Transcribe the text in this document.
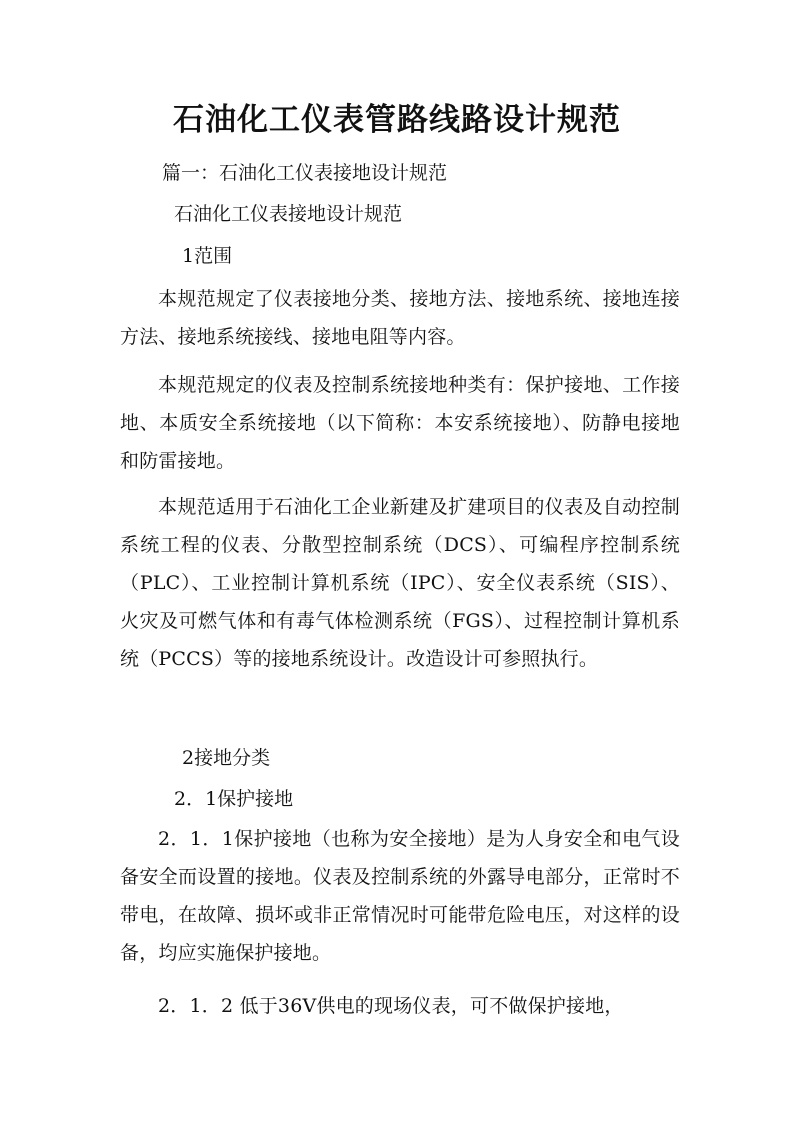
石油化工仪表管路线路设计规范

篇一：石油化工仪表接地设计规范

石油化工仪表接地设计规范

1范围

本规范规定了仪表接地分类、接地方法、接地系统、接地连接方法、接地系统接线、接地电阻等内容。

本规范规定的仪表及控制系统接地种类有：保护接地、工作接地、本质安全系统接地（以下简称：本安系统接地）、防静电接地和防雷接地。

本规范适用于石油化工企业新建及扩建项目的仪表及自动控制系统工程的仪表、分散型控制系统（DCS）、可编程序控制系统（PLC）、工业控制计算机系统（IPC）、安全仪表系统（SIS）、火灾及可燃气体和有毒气体检测系统（FGS）、过程控制计算机系统（PCCS）等的接地系统设计。改造设计可参照执行。

2接地分类

2．1保护接地

2．1．1保护接地（也称为安全接地）是为人身安全和电气设备安全而设置的接地。仪表及控制系统的外露导电部分，正常时不带电，在故障、损坏或非正常情况时可能带危险电压，对这样的设备，均应实施保护接地。

2．1．2 低于36V供电的现场仪表，可不做保护接地，
